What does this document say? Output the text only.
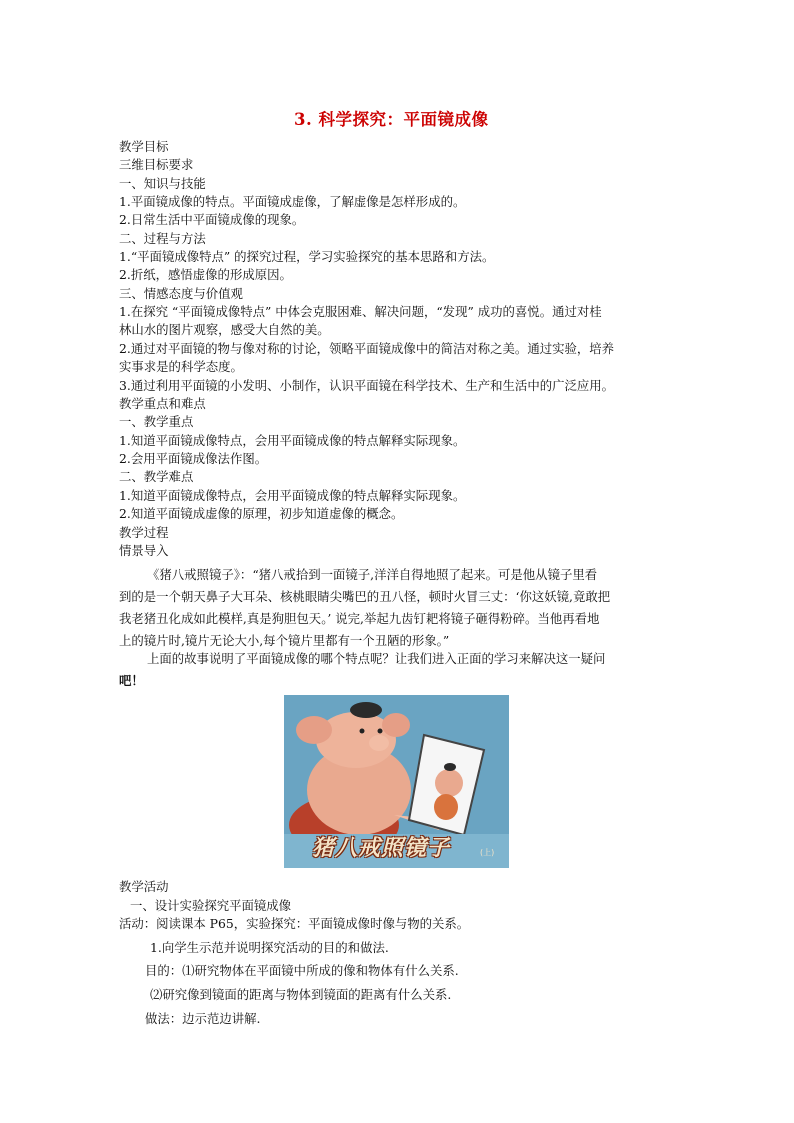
3. 科学探究：平面镜成像
教学目标
三维目标要求
一、知识与技能
1.平面镜成像的特点。平面镜成虚像，了解虚像是怎样形成的。
2.日常生活中平面镜成像的现象。
二、过程与方法
1.“平面镜成像特点” 的探究过程，学习实验探究的基本思路和方法。
2.折纸，感悟虚像的形成原因。
三、情感态度与价值观
1.在探究 “平面镜成像特点” 中体会克服困难、解决问题，“发现” 成功的喜悦。通过对桂
林山水的图片观察，感受大自然的美。
2.通过对平面镜的物与像对称的讨论，领略平面镜成像中的简洁对称之美。通过实验，培养
实事求是的科学态度。
3.通过利用平面镜的小发明、小制作，认识平面镜在科学技术、生产和生活中的广泛应用。
教学重点和难点
一、教学重点
1.知道平面镜成像特点，会用平面镜成像的特点解释实际现象。
2.会用平面镜成像法作图。
二、教学难点
1.知道平面镜成像特点，会用平面镜成像的特点解释实际现象。
2.知道平面镜成虚像的原理，初步知道虚像的概念。
教学过程
情景导入
《猪八戒照镜子》：“猪八戒拾到一面镜子,洋洋自得地照了起来。可是他从镜子里看
到的是一个朝天鼻子大耳朵、核桃眼睛尖嘴巴的丑八怪，顿时火冒三丈：‘你这妖镜,竟敢把
我老猪丑化成如此模样,真是狗胆包天。’ 说完,举起九齿钉耙将镜子砸得粉碎。当他再看地
上的镜片时,镜片无论大小,每个镜片里都有一个丑陋的形象。”
上面的故事说明了平面镜成像的哪个特点呢？让我们进入正面的学习来解决这一疑问
吧！
猪八戒照镜子	(上)
教学活动
一、设计实验探究平面镜成像
活动：阅读课本 P65，实验探究：平面镜成像时像与物的关系。
1.向学生示范并说明探究活动的目的和做法.
目的：⑴研究物体在平面镜中所成的像和物体有什么关系.
⑵研究像到镜面的距离与物体到镜面的距离有什么关系.
做法：边示范边讲解.
